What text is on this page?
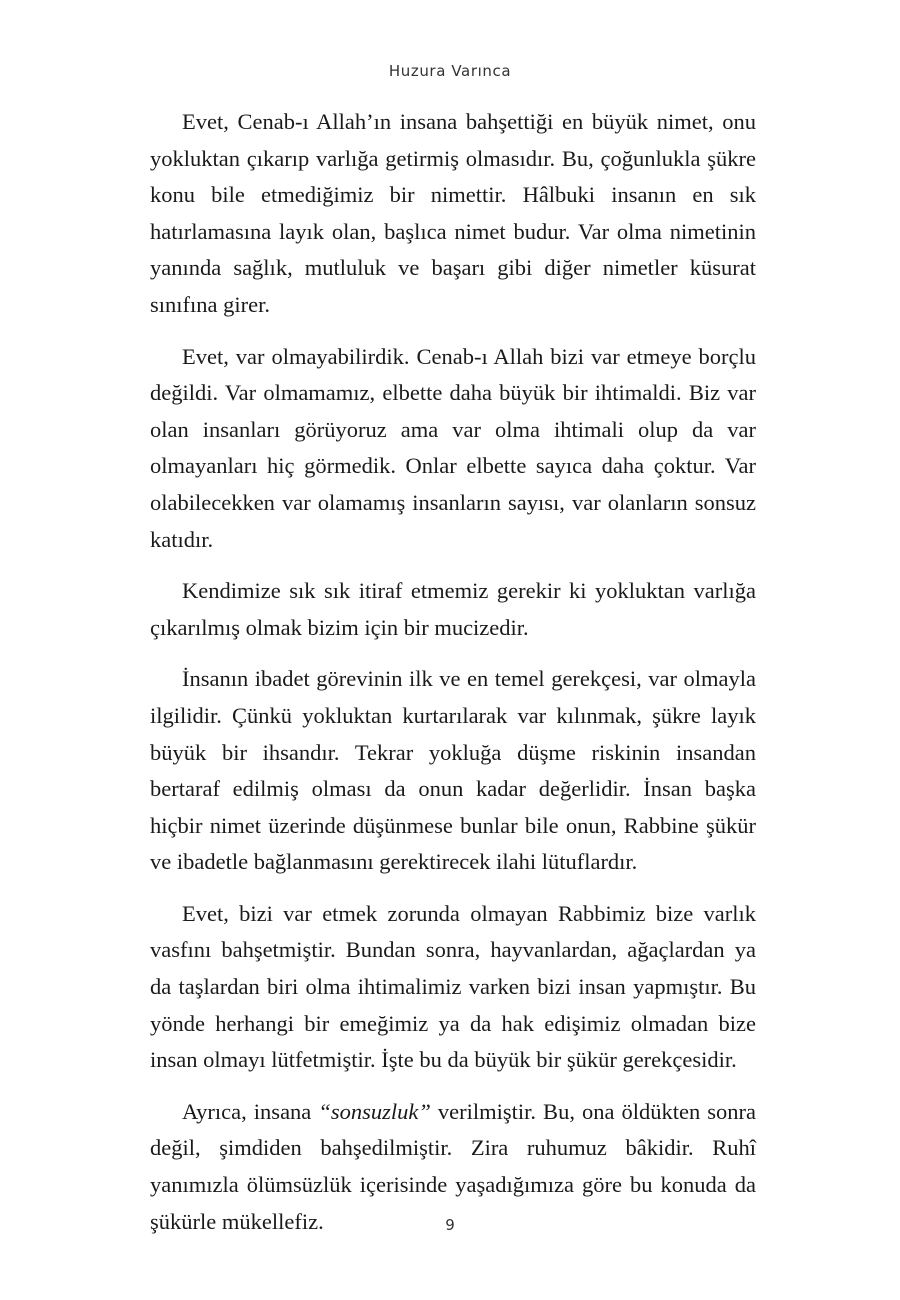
Huzura Varınca

Evet, Cenab-ı Allah’ın insana bahşettiği en büyük nimet, onu yokluktan çıkarıp varlığa getirmiş olmasıdır. Bu, çoğunlukla şükre konu bile etmediğimiz bir nimettir. Hâlbuki insanın en sık hatırlamasına layık olan, başlıca nimet budur. Var olma nimetinin yanında sağlık, mutluluk ve başarı gibi diğer nimetler küsurat sınıfına girer.

Evet, var olmayabilirdik. Cenab-ı Allah bizi var etmeye borçlu değildi. Var olmamamız, elbette daha büyük bir ihtimaldi. Biz var olan insanları görüyoruz ama var olma ihtimali olup da var olmayanları hiç görmedik. Onlar elbette sayıca daha çoktur. Var olabilecekken var olamamış insanların sayısı, var olanların sonsuz katıdır.

Kendimize sık sık itiraf etmemiz gerekir ki yokluktan varlığa çıkarılmış olmak bizim için bir mucizedir.

İnsanın ibadet görevinin ilk ve en temel gerekçesi, var olmayla ilgilidir. Çünkü yokluktan kurtarılarak var kılınmak, şükre layık büyük bir ihsandır. Tekrar yokluğa düşme riskinin insandan bertaraf edilmiş olması da onun kadar değerlidir. İnsan başka hiçbir nimet üzerinde düşünmese bunlar bile onun, Rabbine şükür ve ibadetle bağlanmasını gerektirecek ilahi lütuflardır.

Evet, bizi var etmek zorunda olmayan Rabbimiz bize varlık vasfını bahşetmiştir. Bundan sonra, hayvanlardan, ağaçlardan ya da taşlardan biri olma ihtimalimiz varken bizi insan yapmıştır. Bu yönde herhangi bir emeğimiz ya da hak edişimiz olmadan bize insan olmayı lütfetmiştir. İşte bu da büyük bir şükür gerekçesidir.

Ayrıca, insana “sonsuzluk” verilmiştir. Bu, ona öldükten sonra değil, şimdiden bahşedilmiştir. Zira ruhumuz bâkidir. Ruhî yanımızla ölümsüzlük içerisinde yaşadığımıza göre bu konuda da şükürle mükellefiz.	9
